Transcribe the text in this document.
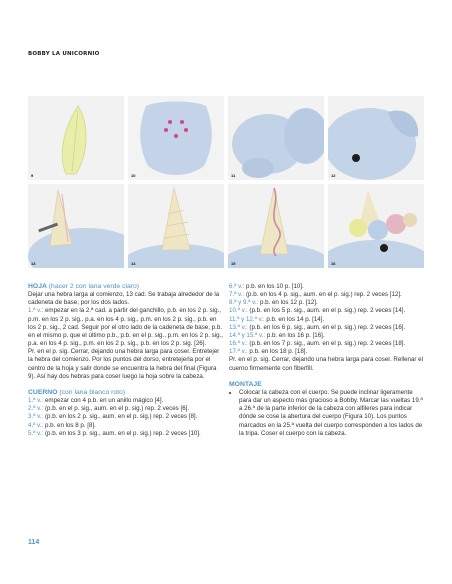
BOBBY LA UNICORNIO
9	10	11	12
13	14	15	16
HOJA (hacer 2 con lana verde claro)

Dejar una hebra larga al comienzo, 13 cad. Se trabaja alrededor de la cadeneta de base, por los dos lados.

1.ª v.: empezar en la 2.ª cad. a partir del ganchillo, p.b. en los 2 p. sig., p.m. en los 2 p. sig., p.a. en los 4 p. sig., p.m. en los 2 p. sig., p.b. en los 2 p. sig., 2 cad. Seguir por el otro lado de la cadeneta de base, p.b. en el mismo p. que el último p.b., p.b. en el p. sig., p.m. en los 2 p. sig., p.a. en los 4 p. sig., p.m. en los 2 p. sig., p.b. en los 2 p. sig. [26].

Pr. en el p. sig. Cerrar, dejando una hebra larga para coser. Entretejer la hebra del comienzo. Por los puntos del dorso, entretejerla por el centro de la hoja y salir donde se encuentra la hebra del final (Figura 9). Así hay dos hebras para coser luego la hoja sobre la cabeza.

CUERNO (con lana blanco roto)

1.ª v.: empezar con 4 p.b. en un anillo mágico [4].

2.ª v.: (p.b. en el p. sig., aum. en el p. sig.) rep. 2 veces [6].

3.ª v.: (p.b. en los 2 p. sig., aum. en el p. sig.) rep. 2 veces [8].

4.ª v.: p.b. en los 8 p. [8].

5.ª v.: (p.b. en los 3 p. sig., aum. en el p. sig.) rep. 2 veces [10].

6.ª v.: p.b. en los 10 p. [10].

7.ª v.: (p.b. en los 4 p. sig., aum. en el p. sig.) rep. 2 veces [12].

8.ª y 9.ª v.: p.b. en los 12 p. [12].

10.ª v.: (p.b. en los 5 p. sig., aum. en el p. sig.) rep. 2 veces [14].

11.ª y 12.ª v.: p.b. en los 14 p. [14].

13.ª v.: (p.b. en los 6 p. sig., aum. en el p. sig.) rep. 2 veces [16].

14.ª y 15.ª v.: p.b. en los 16 p. [16].

16.ª v.: (p.b. en los 7 p. sig., aum. en el p. sig.) rep. 2 veces [18].

17.ª v.: p.b. en los 18 p. [18].

Pr. en el p. sig. Cerrar, dejando una hebra larga para coser. Rellenar el cuerno firmemente con fiberfill.

MONTAJE
• Colocar la cabeza con el cuerpo. Se puede inclinar ligeramente para dar un aspecto más gracioso a Bobby. Marcar las vueltas 19.ª a 26.ª de la parte inferior de la cabeza con alfileres para indicar dónde se cose la abertura del cuerpo (Figura 10). Los puntos marcados en la 25.ª vuelta del cuerpo corresponden a los lados de la tripa. Coser el cuerpo con la cabeza.
114
